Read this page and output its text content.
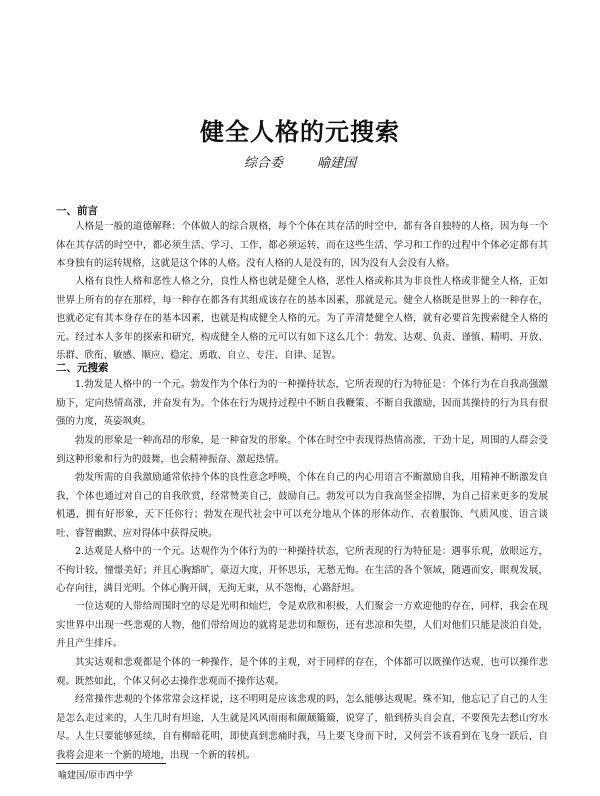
健全人格的元搜索
综合委	喻建国
一、前言

人格是一般的道德解释：个体做人的综合规格，每个个体在其存活的时空中，都有各自独特的人格，因为每一个体在其存活的时空中，都必须生活、学习、工作，都必须运转，而在这些生活、学习和工作的过程中个体必定都有其本身独有的运转规格，这就是这个体的人格。没有人格的人是没有的，因为没有人会没有人格。

人格有良性人格和恶性人格之分，良性人格也就是健全人格，恶性人格或称其为非良性人格或非健全人格，正如世界上所有的存在那样，每一种存在都各有其组成该存在的基本因素，那就是元。健全人格既是世界上的一种存在，也就必定有其本身存在的基本因素，也就是构成健全人格的元。为了弄清楚健全人格，就有必要首先搜索健全人格的元。经过本人多年的探索和研究，构成健全人格的元可以有如下这么几个：勃发、达观、负责、谨慎、精明、开放、乐群、欣衔、敏感、顺应、稳定、勇敢、自立、专注、自律、足智。

二、元搜索

1.勃发是人格中的一个元。勃发作为个体行为的一种操持状态，它所表现的行为特征是：个体行为在自我高强激励下，定向热情高涨，并奋发有为。个体在行为规持过程中不断自我鞭策、不断自我激励，因而其操持的行为具有很强的力度，英姿飒爽。

勃发的形象是一种高昂的形象，是一种奋发的形象。个体在时空中表现得热情高涨，干劲十足，周围的人群会受到这种形象和行为的鼓舞，也会精神振奋、激起热情。

勃发所需的自我激励通常依持个体的良性意念呼唤，个体在自己的内心用语言不断激励自我，用精神不断激发自我，个体也通过对自己的自我欣赏，经常赞美自己，鼓励自己。勃发可以为自我高竖金招牌，为自己招来更多的发展机遇，拥有好形象，天下任你行；勃发在现代社会中可以充分地从个体的形体动作、衣着服饰、气质风度、语言谈吐、睿智幽默、应对得体中获得反映。

2.达观是人格中的一个元。达观作为个体行为的一种操持状态，它所表现的行为特征是：遇事乐观，放眼远方，不拘计较，憧憬美好；并且心胸豁旷，豪迈大度，开怀思乐，无愁无悔。在生活的各个领域，随遇而安，眼观发展，心存向往，满目光明。个体心胸开阔，无拘无束，从不怨悔，心路舒坦。

一位达观的人带给周围时空的尽是光明和灿烂，令是欢欣和积极，人们聚会一方欢迎他的存在，同样，我会在现实世界中出现一些悲观的人物，他们带给周边的就将是悲切和颓伤，还有悲凉和失望，人们对他们只能是淡泊自处，并且产生排斥。

其实达观和悲观都是个体的一种操作，是个体的主观，对于同样的存在，个体都可以既操作达观，也可以操作悲观。既然如此，个体又何必去操作悲观而不操作达观。

经常操作悲观的个体常常会这样说，这不明明是应该悲观的吗，怎么能够达观呢。殊不知，他忘记了自己的人生是怎么走过来的，人生几时有坦途，人生就是风风雨雨和颠颠簸簸，说穿了，船到桥头自会直，不要预先去愁山穷水尽。人生只要能够延续，自有柳暗花明，即使真到悲痛时我，马上要飞身而下时，又何尝不该看到在飞身一跃后，自我将会迎来一个新的境地，出现一个新的转机。

喻建国/原市西中学
